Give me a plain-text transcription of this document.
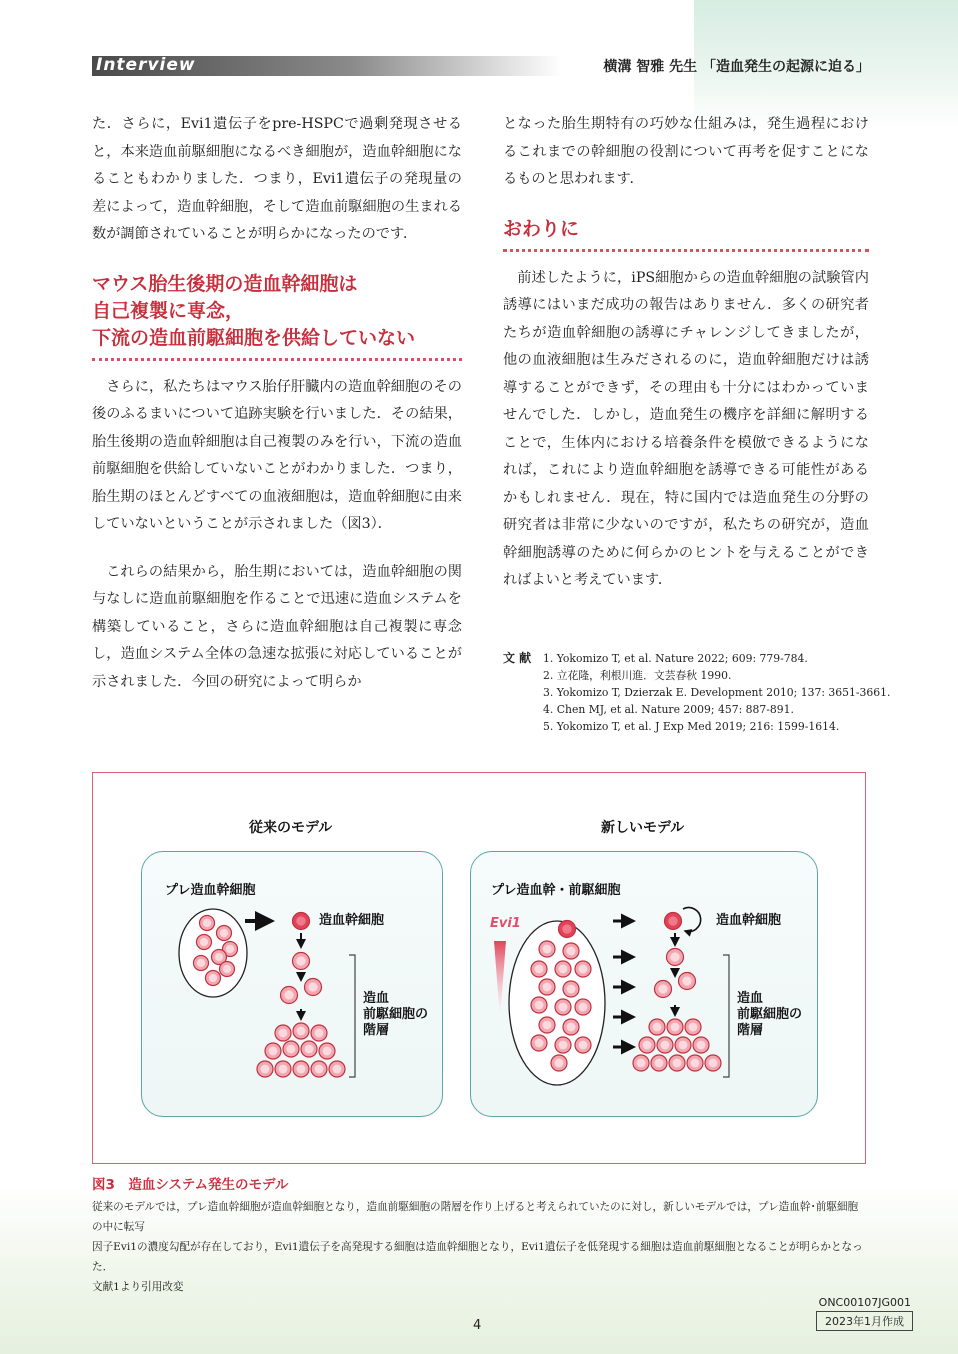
Interview	横溝 智雅 先生 「造血発生の起源に迫る」

た．さらに，Evi1遺伝子をpre-HSPCで過剰発現させると，本来造血前駆細胞になるべき細胞が，造血幹細胞になることもわかりました．つまり，Evi1遺伝子の発現量の差によって，造血幹細胞，そして造血前駆細胞の生まれる数が調節されていることが明らかになったのです．

マウス胎生後期の造血幹細胞は
自己複製に専念，
下流の造血前駆細胞を供給していない

さらに，私たちはマウス胎仔肝臓内の造血幹細胞のその後のふるまいについて追跡実験を行いました．その結果，胎生後期の造血幹細胞は自己複製のみを行い，下流の造血前駆細胞を供給していないことがわかりました．つまり，胎生期のほとんどすべての血液細胞は，造血幹細胞に由来していないということが示されました（図3）．

これらの結果から，胎生期においては，造血幹細胞の関与なしに造血前駆細胞を作ることで迅速に造血システムを構築していること，さらに造血幹細胞は自己複製に専念し，造血システム全体の急速な拡張に対応していることが示されました．今回の研究によって明らか

となった胎生期特有の巧妙な仕組みは，発生過程におけるこれまでの幹細胞の役割について再考を促すことになるものと思われます．

おわりに

前述したように，iPS細胞からの造血幹細胞の試験管内誘導にはいまだ成功の報告はありません．多くの研究者たちが造血幹細胞の誘導にチャレンジしてきましたが，他の血液細胞は生みだされるのに，造血幹細胞だけは誘導することができず，その理由も十分にはわかっていませんでした．しかし，造血発生の機序を詳細に解明することで，生体内における培養条件を模倣できるようになれば，これにより造血幹細胞を誘導できる可能性があるかもしれません．現在，特に国内では造血発生の分野の研究者は非常に少ないのですが，私たちの研究が，造血幹細胞誘導のために何らかのヒントを与えることができればよいと考えています．

文 献 1. Yokomizo T, et al. Nature 2022; 609: 779-784.
2. 立花隆，利根川進．文芸春秋 1990.
3. Yokomizo T, Dzierzak E. Development 2010; 137: 3651-3661.
4. Chen MJ, et al. Nature 2009; 457: 887-891.
5. Yokomizo T, et al. J Exp Med 2019; 216: 1599-1614.
従来のモデル	新しいモデル
プレ造血幹細胞
造血幹細胞
造血
前駆細胞の
階層
プレ造血幹・前駆細胞
造血幹細胞
造血
前駆細胞の
階層
Evi1
図3　造血システム発生のモデル

従来のモデルでは，プレ造血幹細胞が造血幹細胞となり，造血前駆細胞の階層を作り上げると考えられていたのに対し，新しいモデルでは，プレ造血幹･前駆細胞の中に転写

因子Evi1の濃度勾配が存在しており，Evi1遺伝子を高発現する細胞は造血幹細胞となり，Evi1遺伝子を低発現する細胞は造血前駆細胞となることが明らかとなった．

文献1より引用改変

4
ONC00107JG001
2023年1月作成
